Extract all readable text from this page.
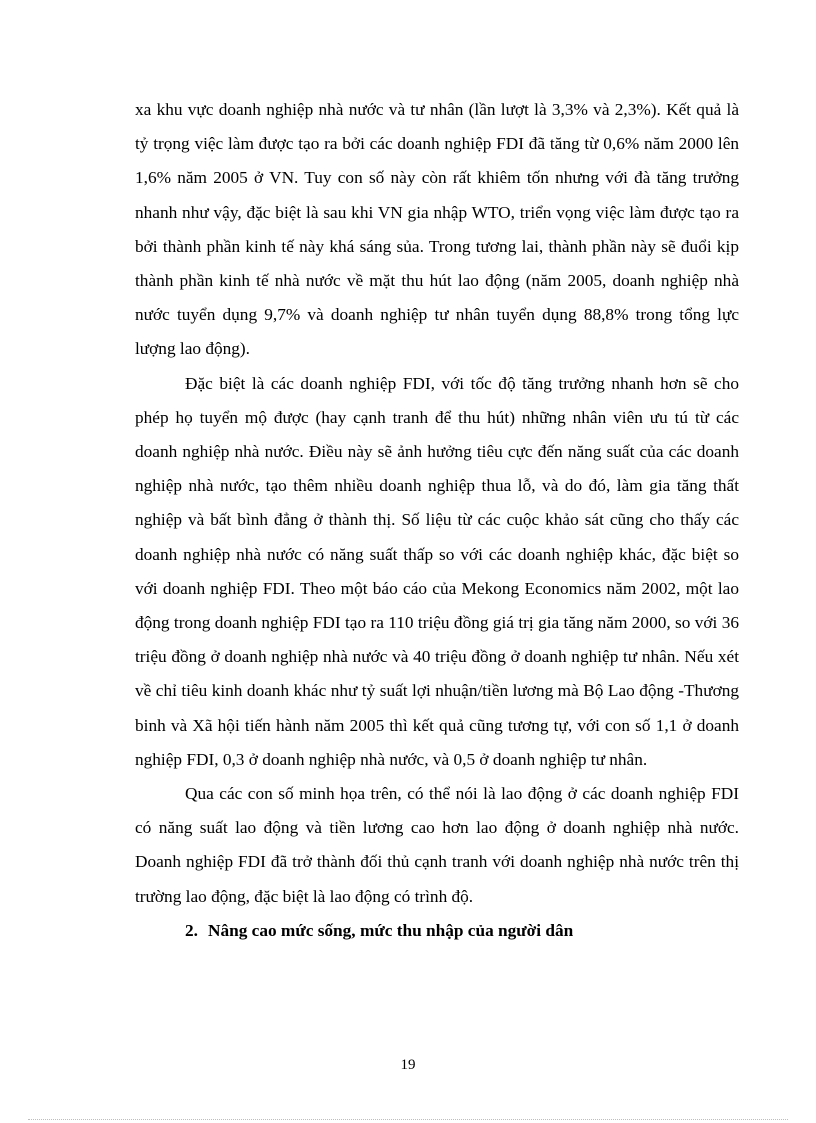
xa khu vực doanh nghiệp nhà nước và tư nhân (lần lượt là 3,3% và 2,3%). Kết quả là tỷ trọng việc làm được tạo ra bởi các doanh nghiệp FDI đã tăng từ 0,6% năm 2000 lên 1,6% năm 2005 ở VN. Tuy con số này còn rất khiêm tốn nhưng với đà tăng trưởng nhanh như vậy, đặc biệt là sau khi VN gia nhập WTO, triển vọng việc làm được tạo ra bởi thành phần kinh tế này khá sáng sủa. Trong tương lai, thành phần này sẽ đuổi kịp thành phần kinh tế nhà nước về mặt thu hút lao động (năm 2005, doanh nghiệp nhà nước tuyển dụng 9,7% và doanh nghiệp tư nhân tuyển dụng 88,8% trong tổng lực lượng lao động).

Đặc biệt là các doanh nghiệp FDI, với tốc độ tăng trưởng nhanh hơn sẽ cho phép họ tuyển mộ được (hay cạnh tranh để thu hút) những nhân viên ưu tú từ các doanh nghiệp nhà nước. Điều này sẽ ảnh hưởng tiêu cực đến năng suất của các doanh nghiệp nhà nước, tạo thêm nhiều doanh nghiệp thua lỗ, và do đó, làm gia tăng thất nghiệp và bất bình đẳng ở thành thị. Số liệu từ các cuộc khảo sát cũng cho thấy các doanh nghiệp nhà nước có năng suất thấp so với các doanh nghiệp khác, đặc biệt so với doanh nghiệp FDI. Theo một báo cáo của Mekong Economics năm 2002, một lao động trong doanh nghiệp FDI tạo ra 110 triệu đồng giá trị gia tăng năm 2000, so với 36 triệu đồng ở doanh nghiệp nhà nước và 40 triệu đồng ở doanh nghiệp tư nhân. Nếu xét về chỉ tiêu kinh doanh khác như tỷ suất lợi nhuận/tiền lương mà Bộ Lao động -Thương binh và Xã hội tiến hành năm 2005 thì kết quả cũng tương tự, với con số 1,1 ở doanh nghiệp FDI, 0,3 ở doanh nghiệp nhà nước, và 0,5 ở doanh nghiệp tư nhân.

Qua các con số minh họa trên, có thể nói là lao động ở các doanh nghiệp FDI có năng suất lao động và tiền lương cao hơn lao động ở doanh nghiệp nhà nước. Doanh nghiệp FDI đã trở thành đối thủ cạnh tranh với doanh nghiệp nhà nước trên thị trường lao động, đặc biệt là lao động có trình độ.

2. Nâng cao mức sống, mức thu nhập của người dân

19
